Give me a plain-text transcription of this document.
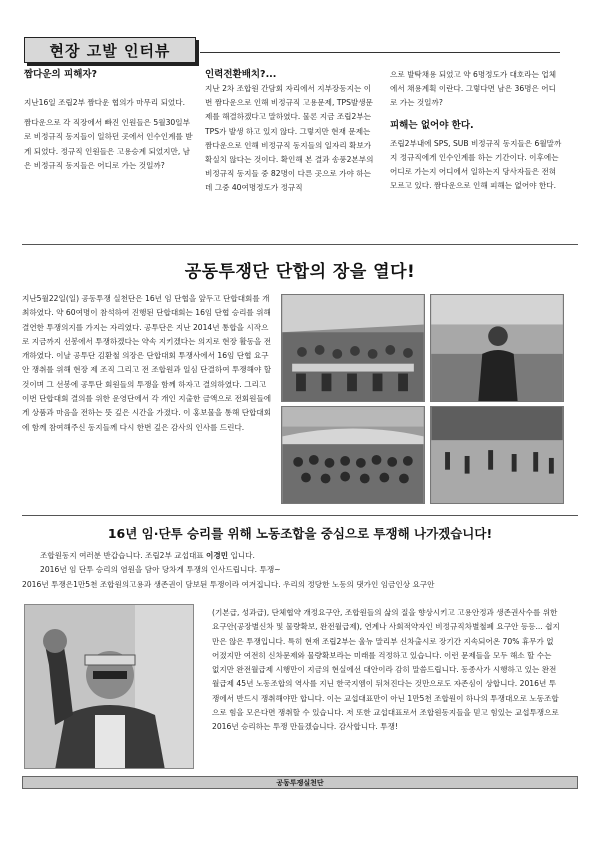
현장 고발 인터뷰
짬다운의 피해자?

지난16일 조립2부 짬다운 협의가 마무리 되었다.

짬다운으로 각 직장에서 빠진 인원들은 5월30일부로 비정규직 동지들이 일하던 곳에서 인수인계를 받게 되었다. 정규직 인원들은 고용승계 되었지만, 남은 비정규직 동지들은 어디로 가는 것일까?

인력전환배치?...

지난 2차 조합원 간담회 자리에서 지부장동지는 이번 짬다운으로 인해 비정규직 고용문제, TPS발생문제를 해결하겠다고 말하였다. 물론 지금 조립2부는 TPS가 발생 하고 있지 않다. 그렇지만 현재 문제는 짬다운으로 인해 비정규직 동지들의 일자리 확보가 확실치 않다는 것이다. 확인해 본 결과 송풍2본부의 비정규직 동지들 중 82명이 다른 곳으로 가야 하는데 그중 40여명정도가 정규직

으로 발탁채용 되었고 약 6명정도가 대호라는 업체에서 채용계획 이란다. 그렇다면 남은 36명은 어디로 가는 것일까?

피해는 없어야 한다.

조립2부내에 SPS, SUB 비정규직 동지들은 6월말까지 정규직에게 인수인계를 하는 기간이다. 이후에는 어디로 가는지 어디에서 일하는지 당사자들은 전혀 모르고 있다. 짬다운으로 인해 피해는 없어야 한다.

공동투쟁단 단합의 장을 열다!
지난5월22일(일) 공동투쟁 실천단은 16년 임 단협을 앞두고 단합대회를 개최하였다. 약 60여명이 참석하여 진행된 단합대회는 16임 단협 승리를 위해 결연한 투쟁의지를 가지는 자리였다. 공투단은 지난 2014년 통합을 시작으로 지금까지 선봉에서 투쟁하겠다는 약속 지키겠다는 의지로 현장 활동을 전개하였다. 이날 공투단 김환철 의장은 단합대회 투쟁사에서 16임 단협 요구안 쟁취를 위해 현장 제 조직 그리고 전 조합원과 일심 단결하여 투쟁해야 할 것이며 그 선봉에 공투단 회원들의 투쟁을 함께 하자고 결의하였다. 그리고 이번 단합대회 결의를 위한 운영단에서 각 개인 지출한 금액으로 전회원들에게 상품과 마음을 전하는 뜻 깊은 시간을 가졌다. 이 홍보물을 통해 단합대회에 함께 참여해주신 동지들께 다시 한번 깊은 감사의 인사를 드린다.
16년 임·단투 승리를 위해 노동조합을 중심으로 투쟁해 나가겠습니다!
조합원동지 여러분 반갑습니다. 조립2부 교섭대표 이경민 입니다.
2016년 임 단투 승리의 염원을 담아 당차게 투쟁의 인사드립니다. 투쟁~
2016년 투쟁은1만5천 조합원의고용과 생존권이 담보된 투쟁이라 여겨집니다. 우리의 정당한 노동의 댓가인 임금인상 요구안
(기본급, 성과급), 단체협약 개정요구안, 조합원들의 삶의 질을 향상시키고 고용안정과 생존권사수를 위한 요구안(공장별신차 및 물량확보, 완전월급제), 연계나 사회적약자인 비정규직차별철폐 요구안 등등... 쉽지만은 않은 투쟁입니다. 특히 현재 조립2부는 울뉴 말리부 신차출시로 장기간 지속되어온 70% 휴무가 없어졌지만 여전히 신차문제와 물량확보라는 미래를 걱정하고 있습니다. 이런 문제들을 모두 해소 할 수는 없지만 완전월급제 시행만이 지금의 현실에선 대안이라 감히 말씀드립니다. 동종사가 시행하고 있는 완전월급제 45년 노동조합의 역사를 지닌 한국지엠이 뒤쳐진다는 것만으로도 자존심이 상합니다. 2016년 투쟁에서 반드시 쟁취해야만 합니다. 이는 교섭대표만이 아닌 1만5천 조합원이 하나의 투쟁대오로 노동조합으로 힘을 모은다면 쟁취할 수 있습니다. 저 또한 교섭대표로서 조합원동지들을 믿고 힘있는 교섭투쟁으로 2016년 승리하는 투쟁 만들겠습니다. 감사합니다. 투쟁!
공동투쟁실천단
